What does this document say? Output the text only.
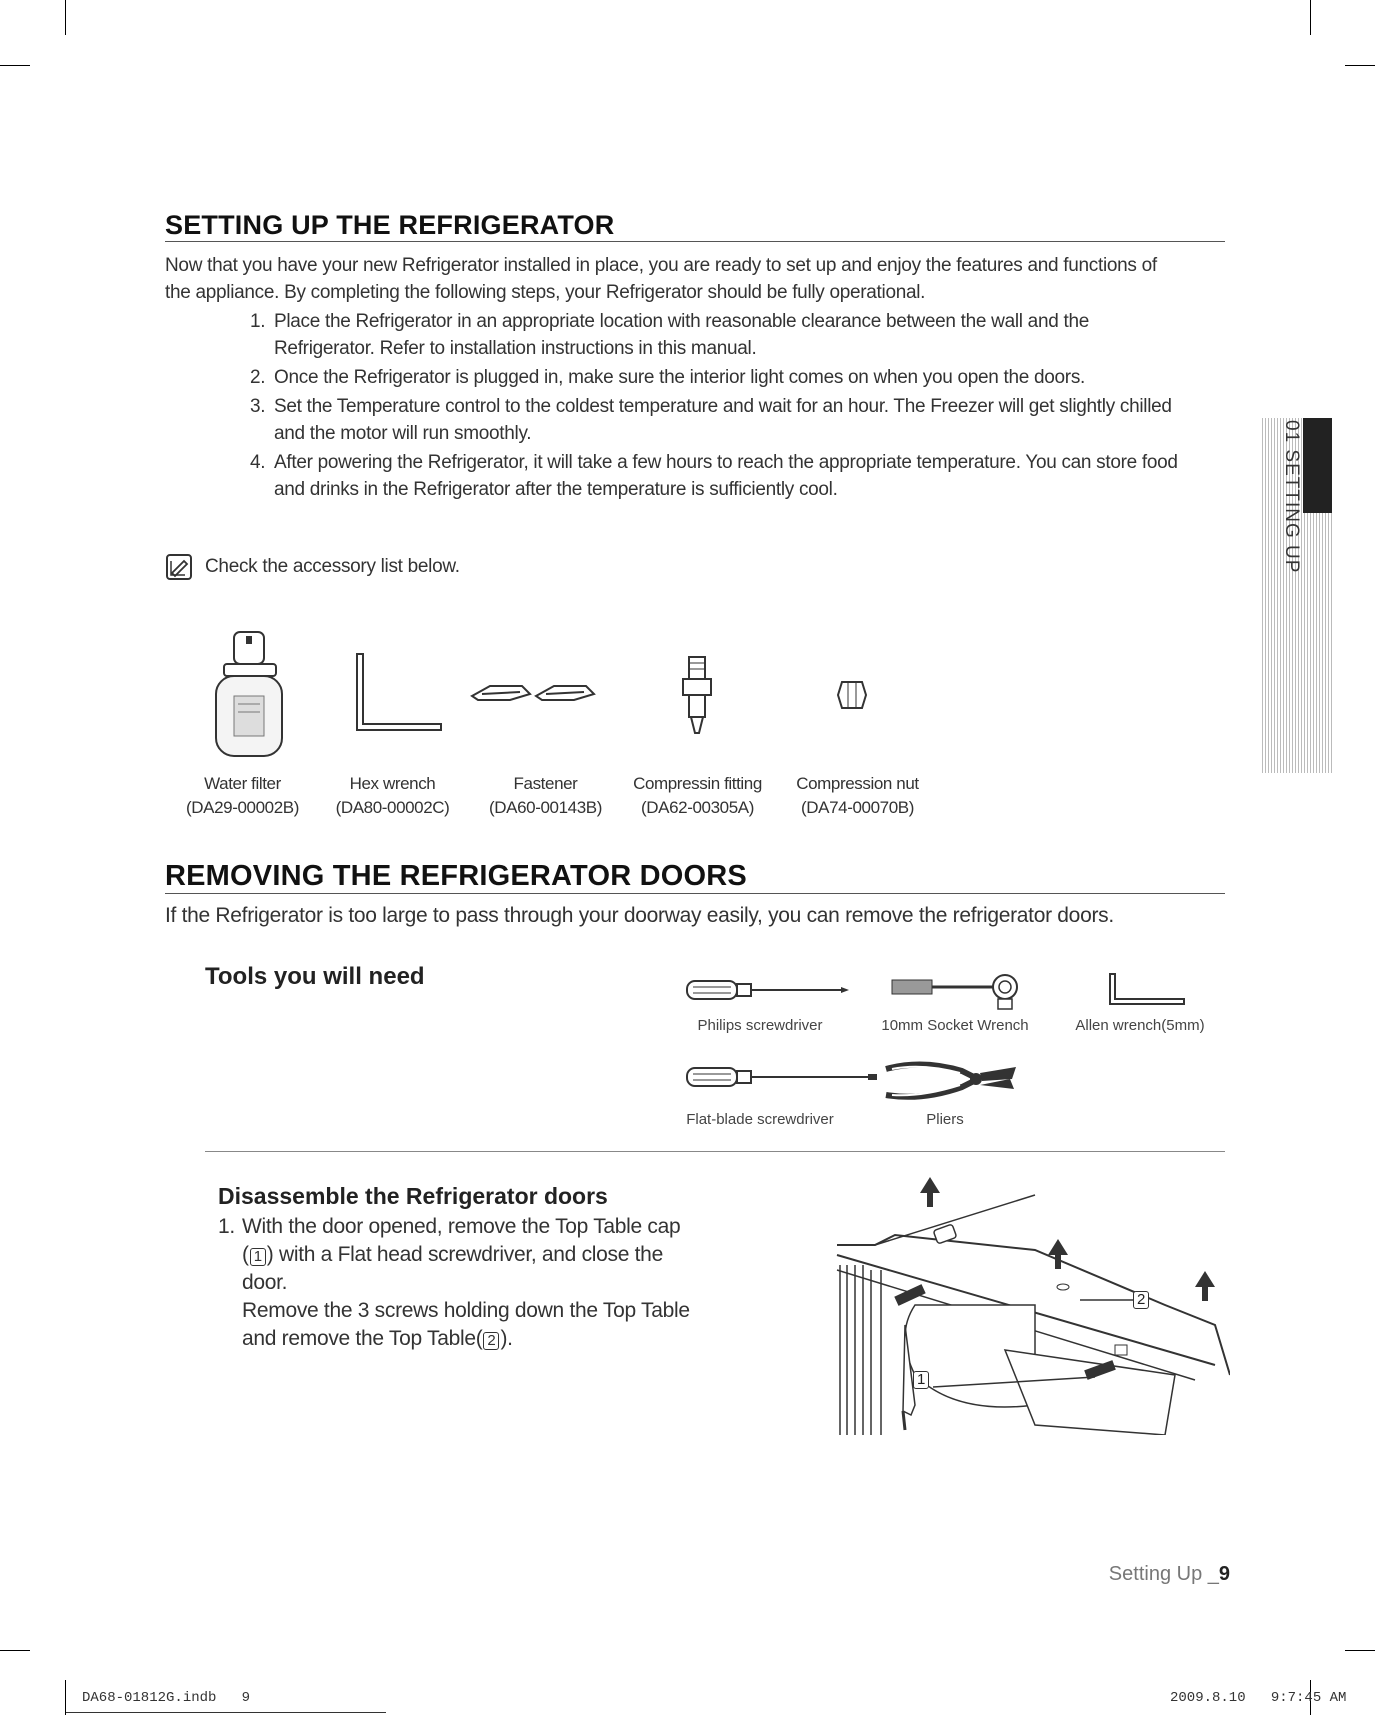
SETTING UP THE REFRIGERATOR
Now that you have your new Refrigerator installed in place, you are ready to set up and enjoy the features and functions of
the appliance. By completing the following steps, your Refrigerator should be fully operational.
1. Place the Refrigerator in an appropriate location with reasonable clearance between the wall and the
Refrigerator. Refer to installation instructions in this manual.
2. Once the Refrigerator is plugged in, make sure the interior light comes on when you open the doors.
3. Set the Temperature control to the coldest temperature and wait for an hour. The Freezer will get slightly chilled
and the motor will run smoothly.
4. After powering the Refrigerator, it will take a few hours to reach the appropriate temperature. You can store food
and drinks in the Refrigerator after the temperature is sufficiently cool.
Check the accessory list below.
Water filter
(DA29-00002B)
Hex wrench
(DA80-00002C)
Fastener
(DA60-00143B)
Compressin fitting
(DA62-00305A)
Compression nut
(DA74-00070B)
REMOVING THE REFRIGERATOR DOORS
If the Refrigerator is too large to pass through your doorway easily, you can remove the refrigerator doors.
Tools you will need
Philips screwdriver	10mm Socket Wrench	Allen wrench(5mm)
Flat-blade screwdriver	Pliers
Disassemble the Refrigerator doors
1. With the door opened, remove the Top Table cap
( 1 ) with a Flat head screwdriver, and close the
door.
Remove the 3 screws holding down the Top Table
and remove the Top Table( 2 ).
1
2
01 SETTING UP
Setting Up _9
DA68-01812G.indb   9	2009.8.10   9:7:45 AM
